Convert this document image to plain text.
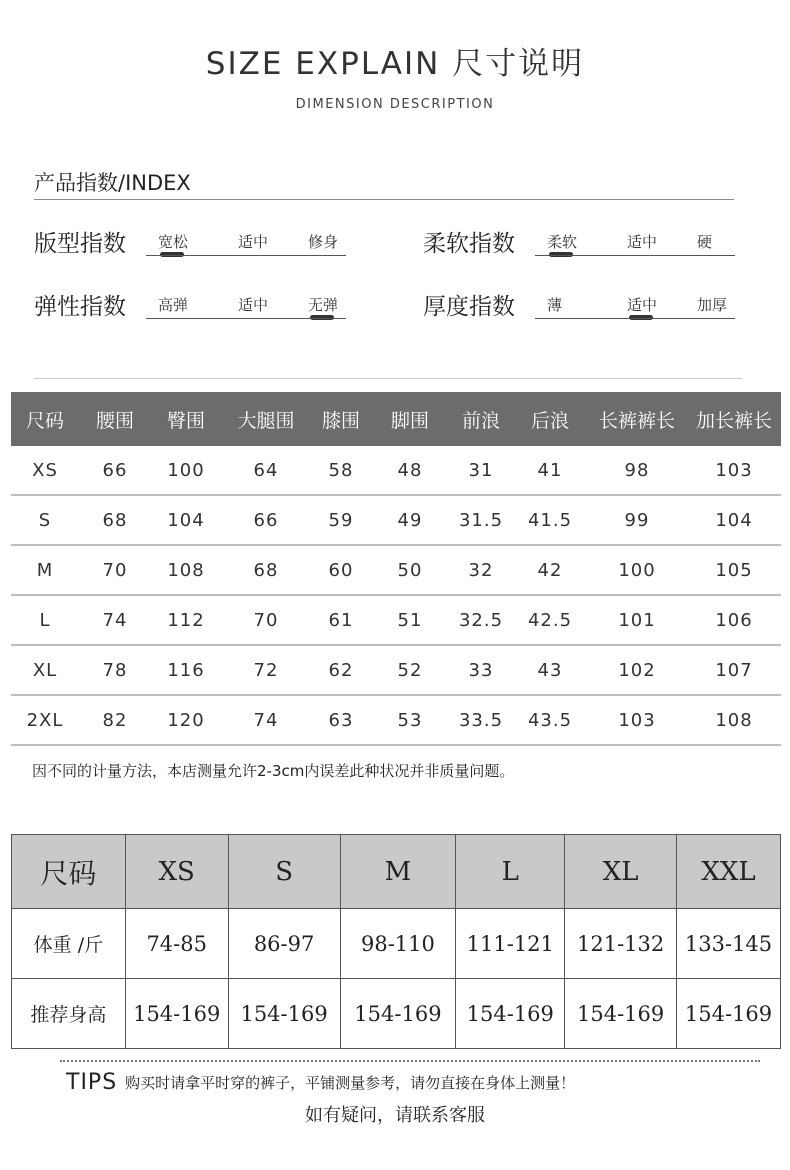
SIZE EXPLAIN 尺寸说明
DIMENSION DESCRIPTION
产品指数/INDEX
版型指数 宽松	适中	修身	柔软指数 柔软	适中	硬
弹性指数 高弹	适中	无弹	厚度指数 薄	适中	加厚
尺码	腰围	臀围	大腿围	膝围	脚围	前浪	后浪	长裤裤长	加长裤长
XS	66	100	64	58	48	31	41	98	103
S	68	104	66	59	49	31.5	41.5	99	104
M	70	108	68	60	50	32	42	100	105
L	74	112	70	61	51	32.5	42.5	101	106
XL	78	116	72	62	52	33	43	102	107
2XL	82	120	74	63	53	33.5	43.5	103	108
因不同的计量方法，本店测量允许2-3cm内误差此种状况并非质量问题。
尺码	XS	S	M	L	XL	XXL
体重 /斤	74-85	86-97	98-110	111-121	121-132	133-145
推荐身高	154-169	154-169	154-169	154-169	154-169	154-169
TIPS 购买时请拿平时穿的裤子，平铺测量参考，请勿直接在身体上测量！
如有疑问，请联系客服
